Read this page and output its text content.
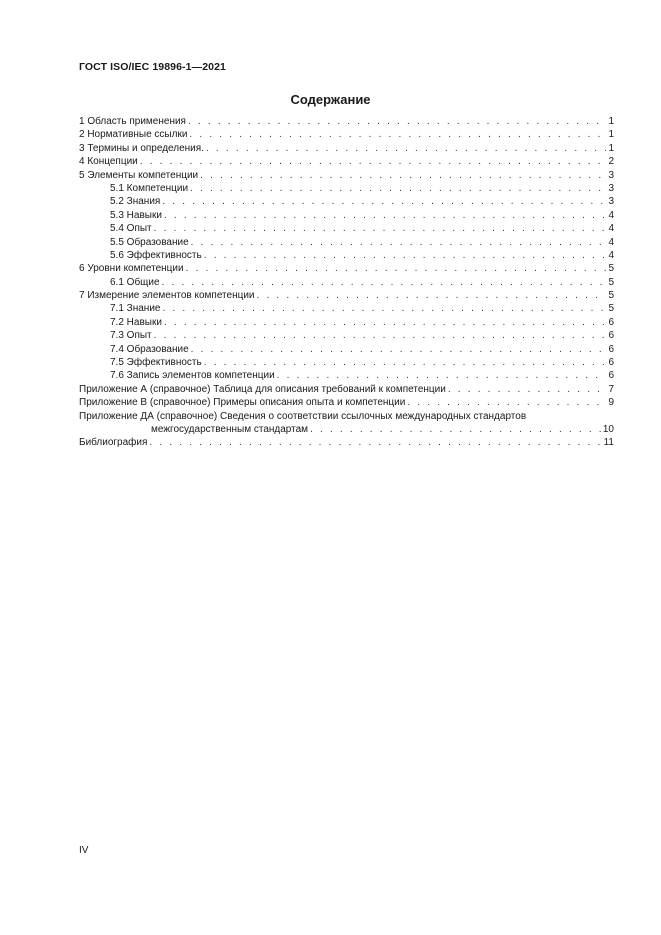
ГОСТ ISO/IEC 19896-1—2021
Содержание
1 Область применения . . .	1
2 Нормативные ссылки . . .	1
3 Термины и определения. . . .	1
4 Концепции . . .	2
5 Элементы компетенции . . .	3
5.1 Компетенции . . .	3
5.2 Знания . . .	3
5.3 Навыки . . .	4
5.4 Опыт . . .	4
5.5 Образование . . .	4
5.6 Эффективность . . .	4
6 Уровни компетенции . . .	5
6.1 Общие . . .	5
7 Измерение элементов компетенции . . .	5
7.1 Знание . . .	5
7.2 Навыки . . .	6
7.3 Опыт . . .	6
7.4 Образование . . .	6
7.5 Эффективность . . .	6
7.6 Запись элементов компетенции . . .	6
Приложение А (справочное) Таблица для описания требований к компетенции . . .	7
Приложение В (справочное) Примеры описания опыта и компетенции . . .	9
Приложение ДА (справочное) Сведения о соответствии ссылочных международных стандартов
межгосударственным стандартам . . .	10
Библиография . . .	11
IV
